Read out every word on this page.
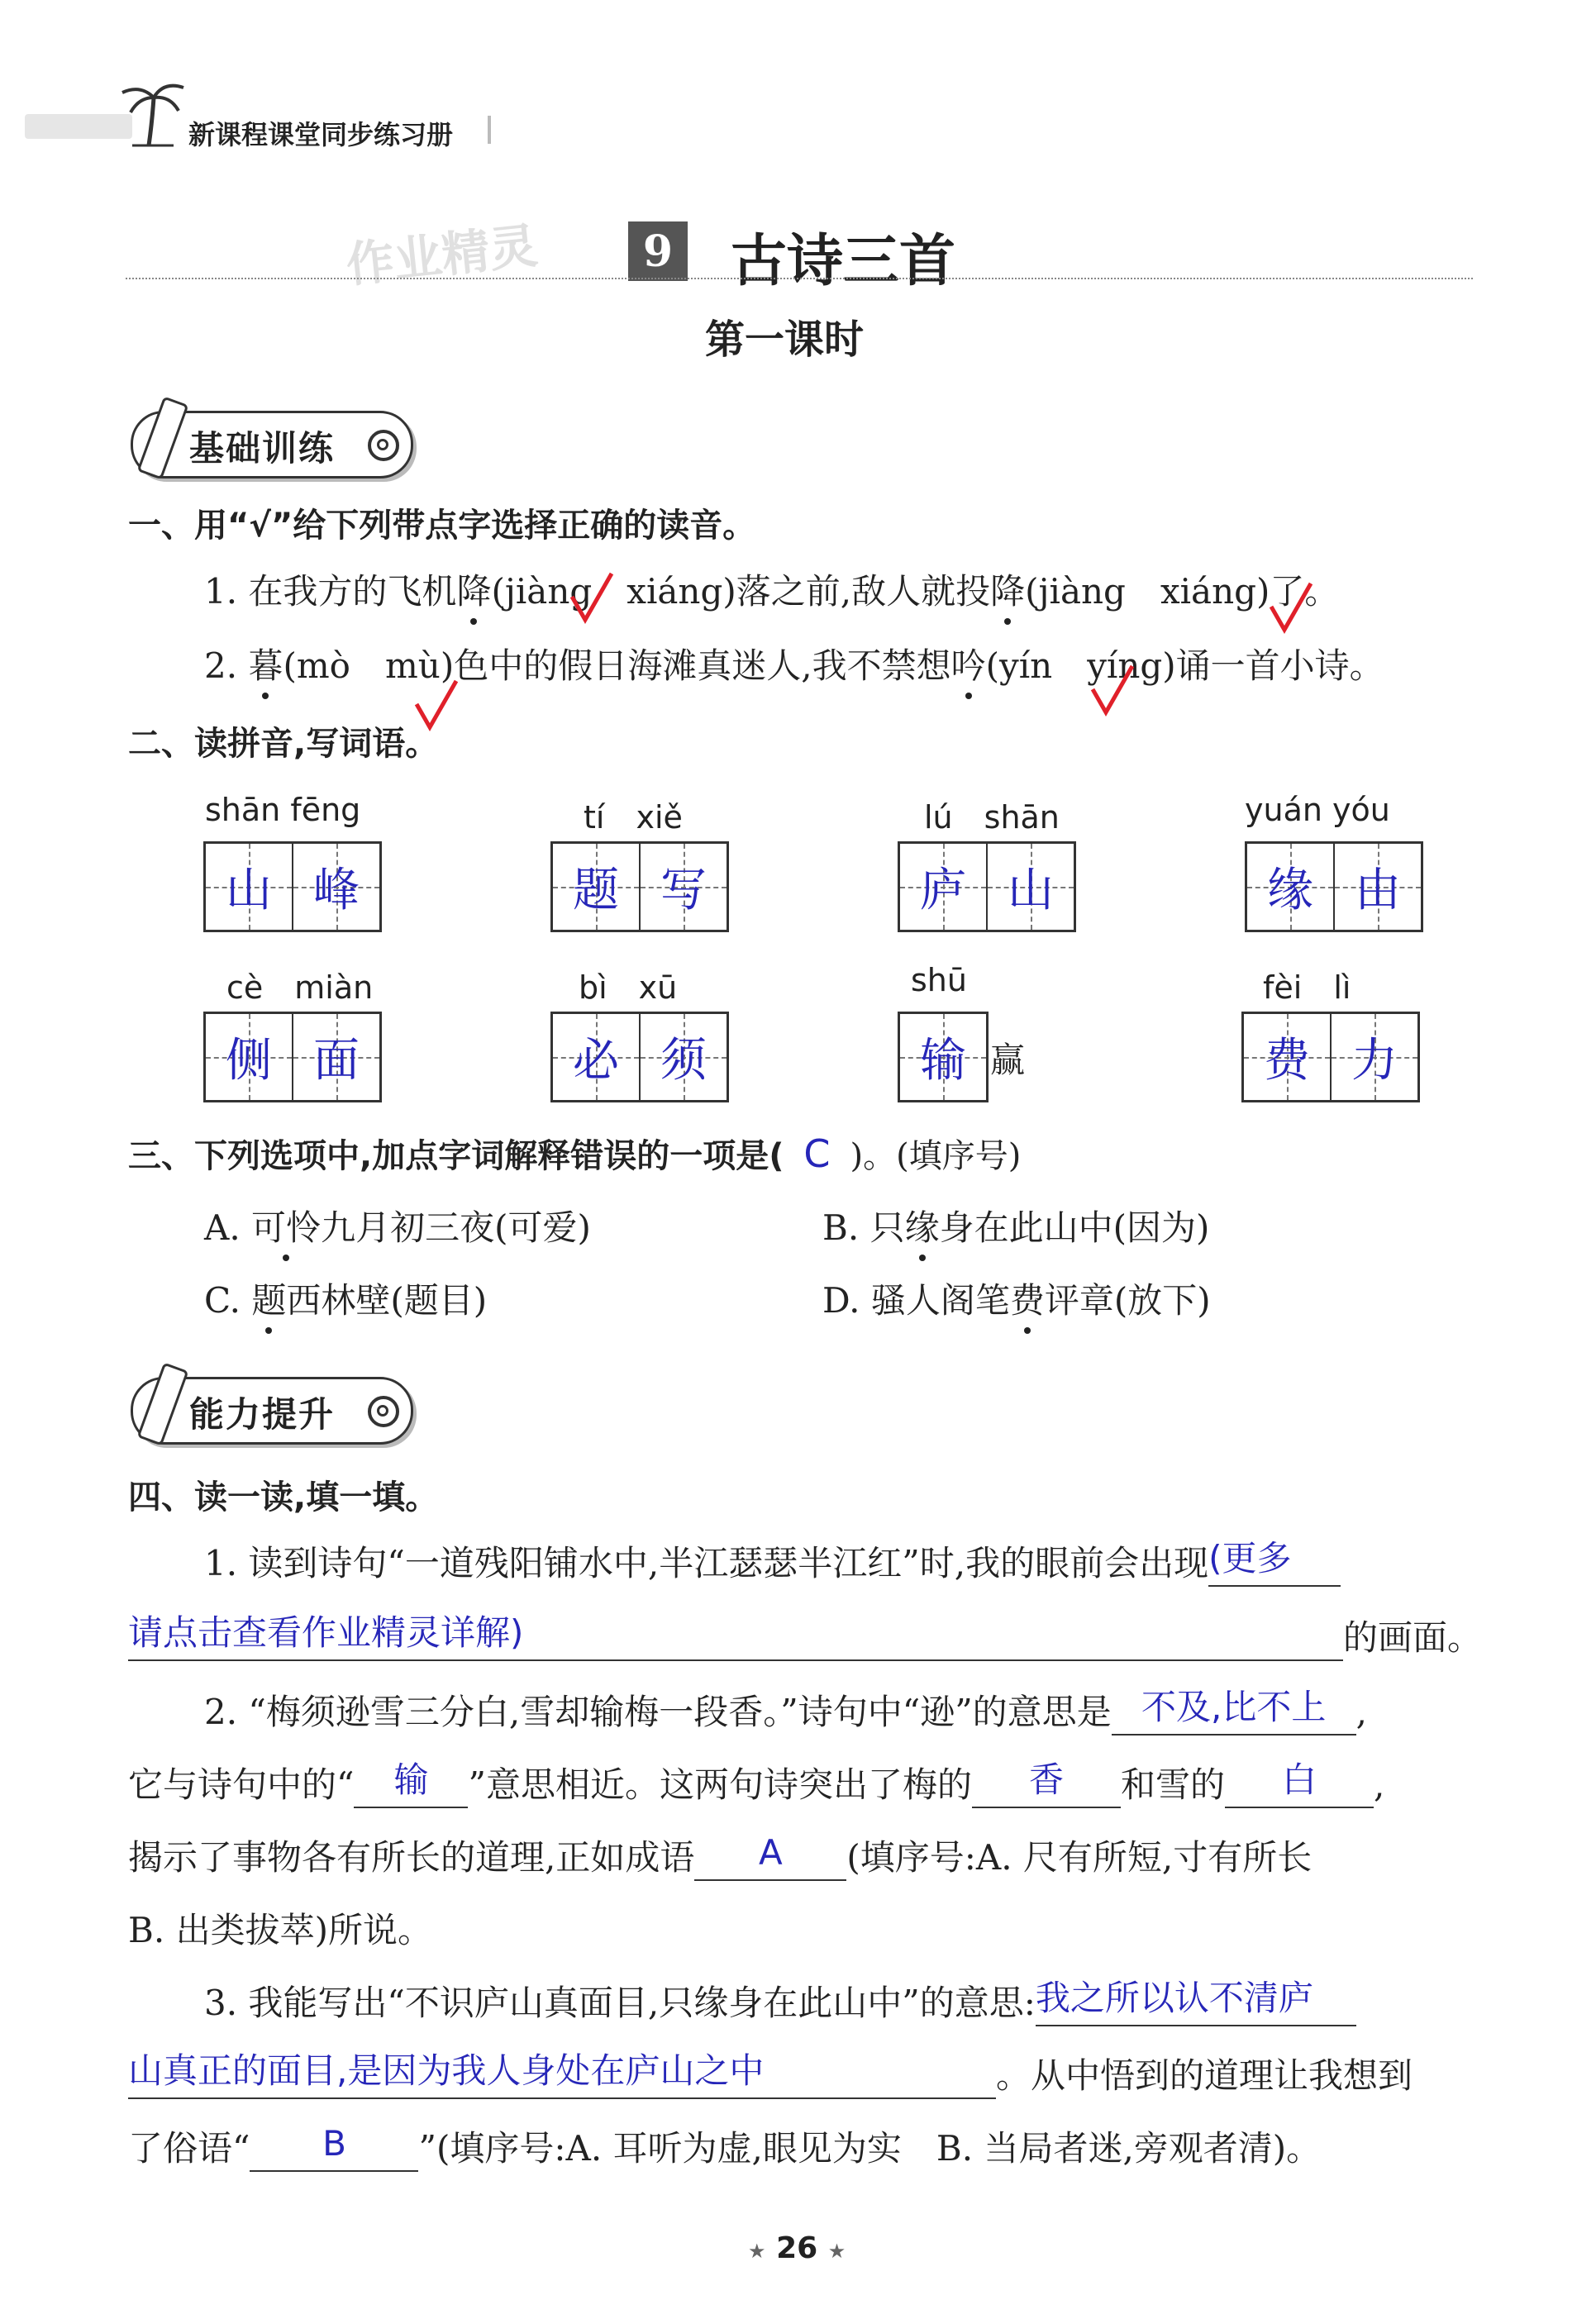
新课程课堂同步练习册
作业精灵 9 古诗三首
第一课时
基础训练
一、用“√”给下列带点字选择正确的读音。
1. 在我方的飞机降(jiàng　xiáng)落之前,敌人就投降(jiàng　xiáng)了。
2. 暮(mò　mù)色中的假日海滩真迷人,我不禁想吟(yín　yíng)诵一首小诗。
二、读拼音,写词语。
shān fēng
山 峰
tí　xiě
题 写
lú　shān
庐 山
yuán yóu
缘 由
cè　miàn
侧 面
bì　xū
必 须
shū
输 赢
fèi　lì
费 力
三、下列选项中,加点字词解释错误的一项是( C )。(填序号)
A. 可怜九月初三夜(可爱)	B. 只缘身在此山中(因为)
C. 题西林壁(题目)	D. 骚人阁笔费评章(放下)
能力提升
四、读一读,填一填。
1. 读到诗句“一道残阳铺水中,半江瑟瑟半江红”时,我的眼前会出现(更多
请点击查看作业精灵详解)	的画面。
2. “梅须逊雪三分白,雪却输梅一段香。”诗句中“逊”的意思是 不及,比不上 ,
它与诗句中的“ 输 ”意思相近。这两句诗突出了梅的 香 和雪的 白 ,
揭示了事物各有所长的道理,正如成语 A (填序号:A. 尺有所短,寸有所长
B. 出类拔萃)所说。
3. 我能写出“不识庐山真面目,只缘身在此山中”的意思:我之所以认不清庐
山真正的面目,是因为我人身处在庐山之中	。从中悟到的道理让我想到
了俗语“ B ”(填序号:A. 耳听为虚,眼见为实　B. 当局者迷,旁观者清)。
★ 26 ★
